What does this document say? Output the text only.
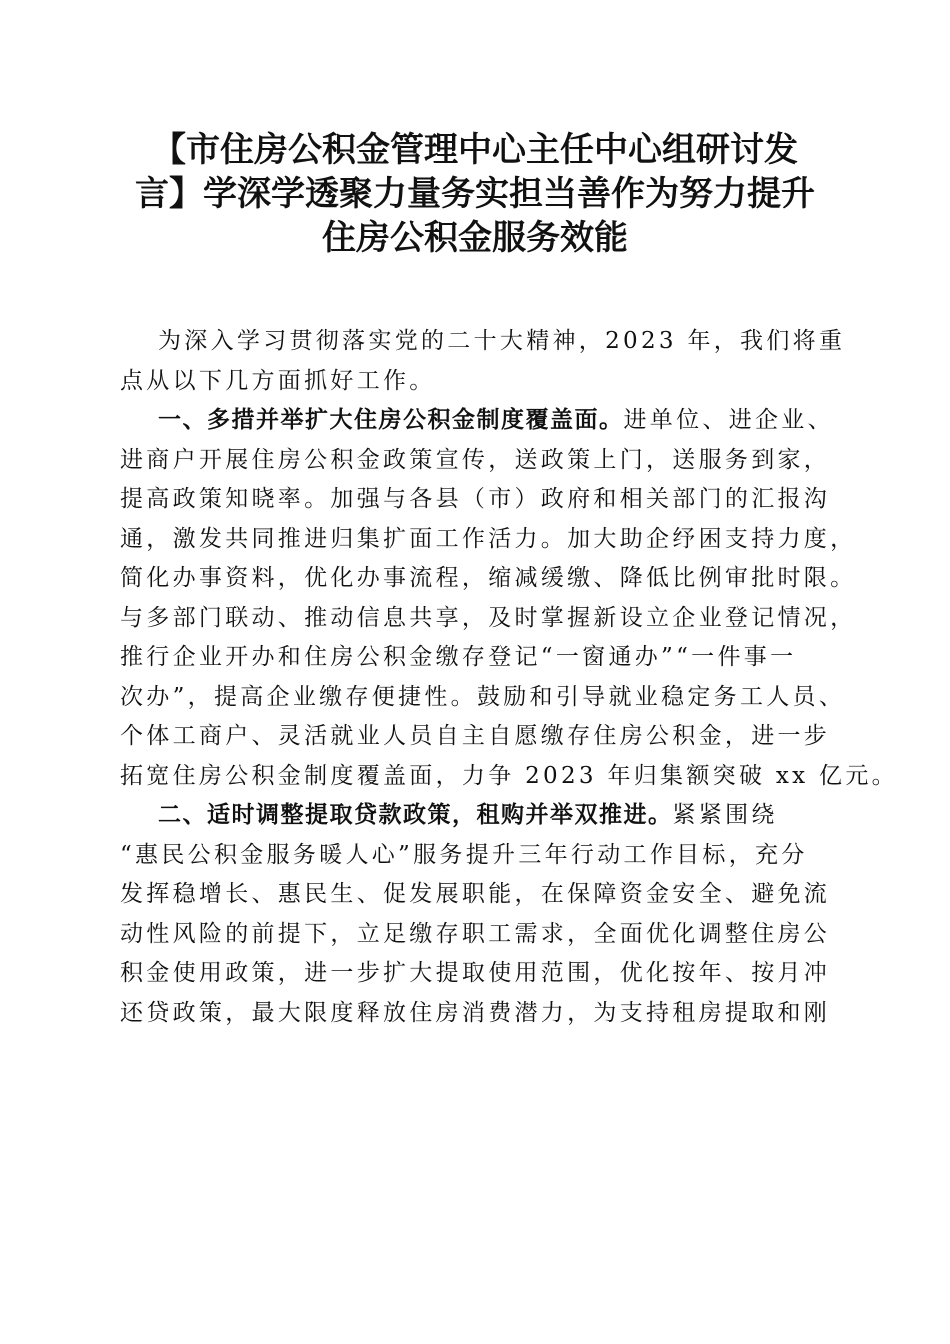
【市住房公积金管理中心主任中心组研讨发
言】学深学透聚力量务实担当善作为努力提升
住房公积金服务效能
为深入学习贯彻落实党的二十大精神，2023 年，我们将重
点从以下几方面抓好工作。
一、多措并举扩大住房公积金制度覆盖面。进单位、进企业、
进商户开展住房公积金政策宣传，送政策上门，送服务到家，
提高政策知晓率。加强与各县（市）政府和相关部门的汇报沟
通，激发共同推进归集扩面工作活力。加大助企纾困支持力度，
简化办事资料，优化办事流程，缩减缓缴、降低比例审批时限。
与多部门联动、推动信息共享，及时掌握新设立企业登记情况，
推行企业开办和住房公积金缴存登记“一窗通办”“一件事一
次办”，提高企业缴存便捷性。鼓励和引导就业稳定务工人员、
个体工商户、灵活就业人员自主自愿缴存住房公积金，进一步
拓宽住房公积金制度覆盖面，力争 2023 年归集额突破 xx 亿元。
二、适时调整提取贷款政策，租购并举双推进。紧紧围绕
“惠民公积金服务暖人心”服务提升三年行动工作目标，充分
发挥稳增长、惠民生、促发展职能，在保障资金安全、避免流
动性风险的前提下，立足缴存职工需求，全面优化调整住房公
积金使用政策，进一步扩大提取使用范围，优化按年、按月冲
还贷政策，最大限度释放住房消费潜力，为支持租房提取和刚
